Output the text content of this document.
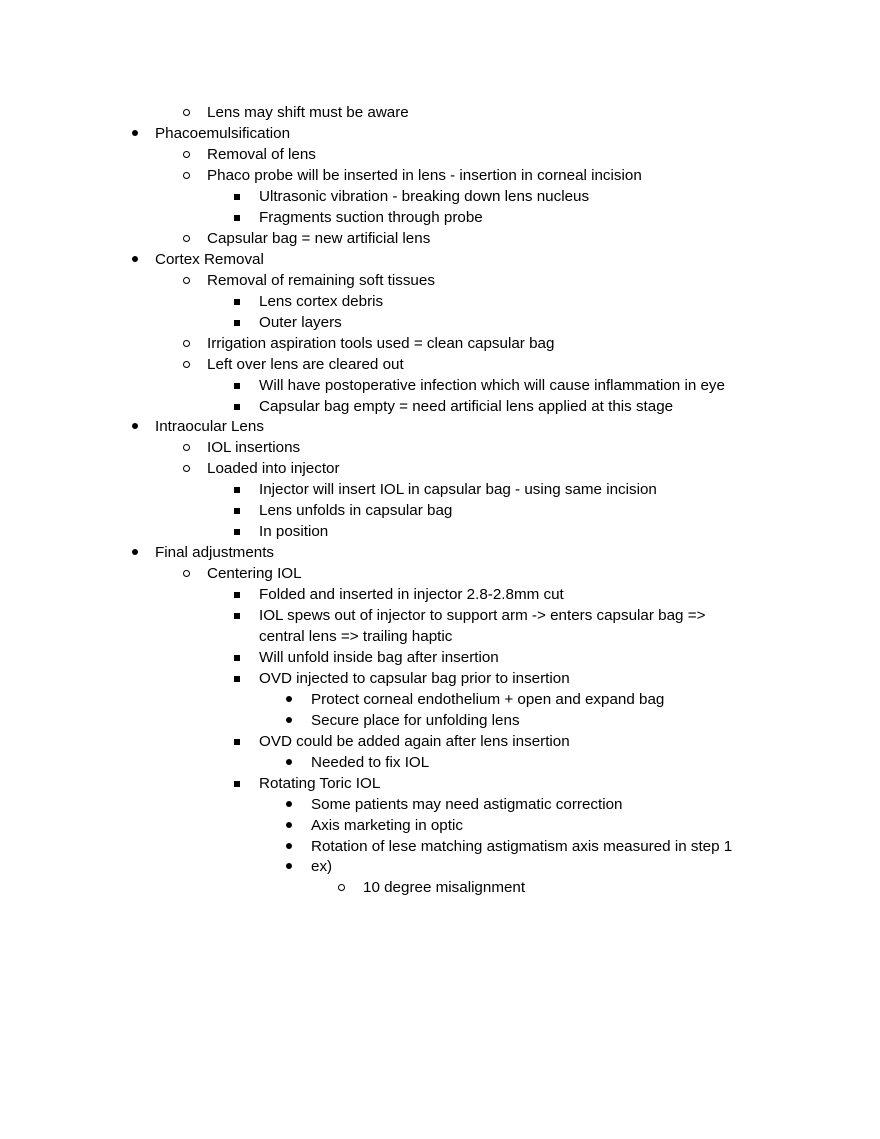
Lens may shift must be aware
Phacoemulsification
Removal of lens
Phaco probe will be inserted in lens - insertion in corneal incision
Ultrasonic vibration - breaking down lens nucleus
Fragments suction through probe
Capsular bag = new artificial lens
Cortex Removal
Removal of remaining soft tissues
Lens cortex debris
Outer layers
Irrigation aspiration tools used = clean capsular bag
Left over lens are cleared out
Will have postoperative infection which will cause inflammation in eye
Capsular bag empty = need artificial lens applied at this stage
Intraocular Lens
IOL insertions
Loaded into injector
Injector will insert IOL in capsular bag - using same incision
Lens unfolds in capsular bag
In position
Final adjustments
Centering IOL
Folded and inserted in injector 2.8-2.8mm cut
IOL spews out of injector to support arm -> enters capsular bag =>
central lens => trailing haptic
Will unfold inside bag after insertion
OVD injected to capsular bag prior to insertion
Protect corneal endothelium + open and expand bag
Secure place for unfolding lens
OVD could be added again after lens insertion
Needed to fix IOL
Rotating Toric IOL
Some patients may need astigmatic correction
Axis marketing in optic
Rotation of lese matching astigmatism axis measured in step 1
ex)
10 degree misalignment
